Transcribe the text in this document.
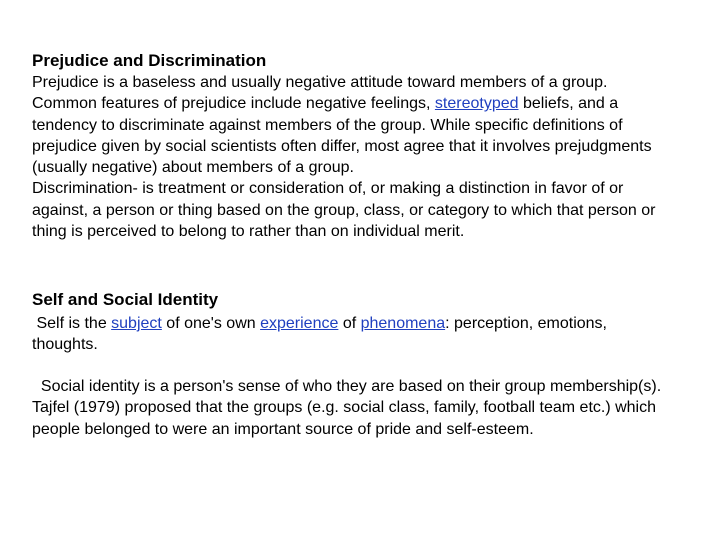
Prejudice and Discrimination
Prejudice is a baseless and usually negative attitude toward members of a group. Common features of prejudice include negative feelings, stereotyped beliefs, and a tendency to discriminate against members of the group. While specific definitions of prejudice given by social scientists often differ, most agree that it involves prejudgments (usually negative) about members of a group.
Discrimination- is treatment or consideration of, or making a distinction in favor of or against, a person or thing based on the group, class, or category to which that person or thing is perceived to belong to rather than on individual merit.
Self and Social Identity
Self is the subject of one's own experience of phenomena: perception, emotions, thoughts.
Social identity is a person's sense of who they are based on their group membership(s). Tajfel (1979) proposed that the groups (e.g. social class, family, football team etc.) which people belonged to were an important source of pride and self-esteem.
